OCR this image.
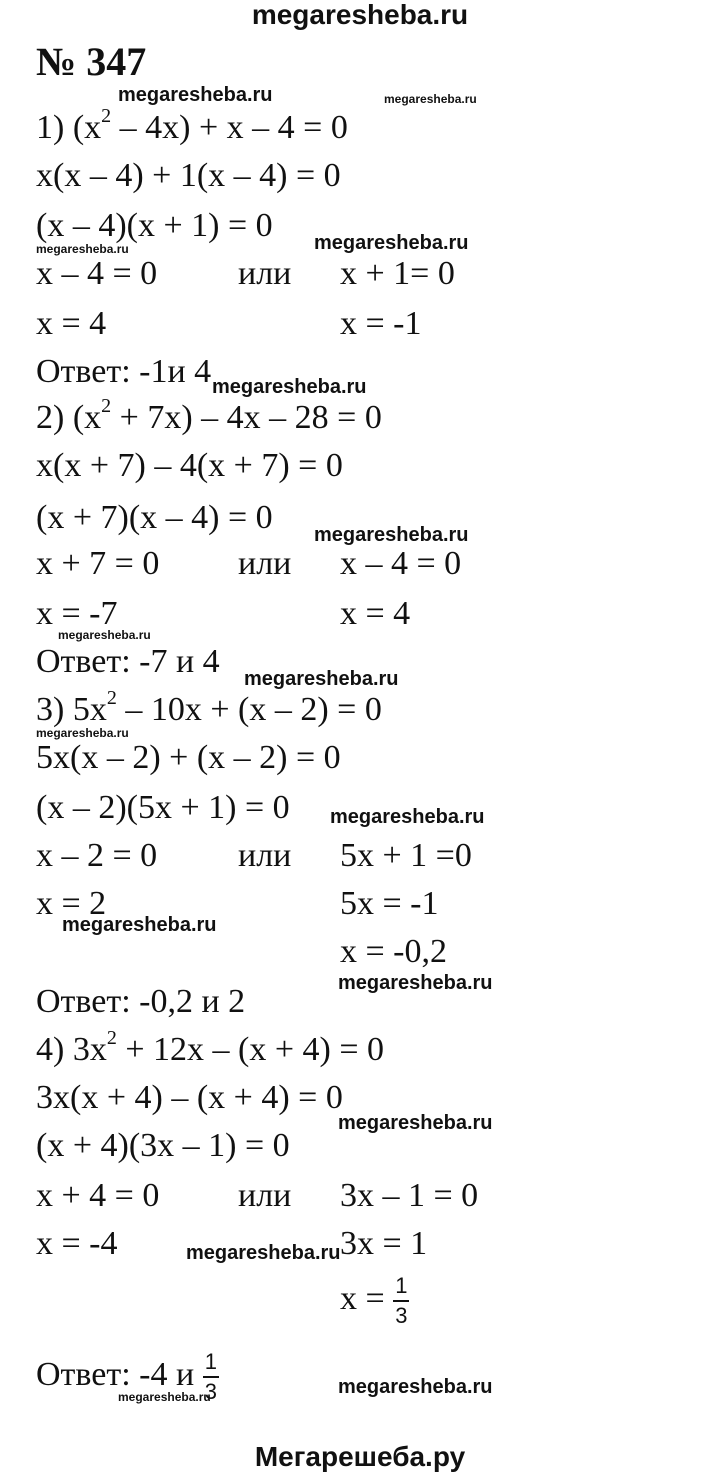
megaresheba.ru
№ 347
1) $(x^2 - 4x) + x - 4 = 0$
x(x – 4) + 1(x – 4) = 0
(x – 4)(x + 1) = 0
x – 4 = 0 или x + 1= 0
x = 4	x = -1
Ответ: -1и 4
2) $(x^2 + 7x) - 4x - 28 = 0$
x(x + 7) – 4(x + 7) = 0
(x + 7)(x – 4) = 0
x + 7 = 0 или x – 4 = 0
x = -7	x = 4
Ответ: -7 и 4
3) $5x^2 - 10x + (x - 2) = 0$
5x(x – 2) + (x – 2) = 0
(x – 2)(5x + 1) = 0
x – 2 = 0 или 5x + 1 =0
x = 2	5x = -1
x = -0,2
Ответ: -0,2 и 2
4) $3x^2 + 12x - (x + 4) = 0$
3x(x + 4) – (x + 4) = 0
(x + 4)(3x – 1) = 0
x + 4 = 0 или 3x – 1 = 0
x = -4	3x = 1
$x = \frac{1}{3}$
Ответ: -4 и $\frac{1}{3}$
megaresheba.ru	megaresheba.ru
megaresheba.ru	megaresheba.ru
megaresheba.ru
megaresheba.ru
megaresheba.ru
megaresheba.ru
megaresheba.ru
megaresheba.ru
megaresheba.ru
megaresheba.ru
megaresheba.ru
megaresheba.ru
megaresheba.ru
megaresheba.ru
Мегарешеба.ру
